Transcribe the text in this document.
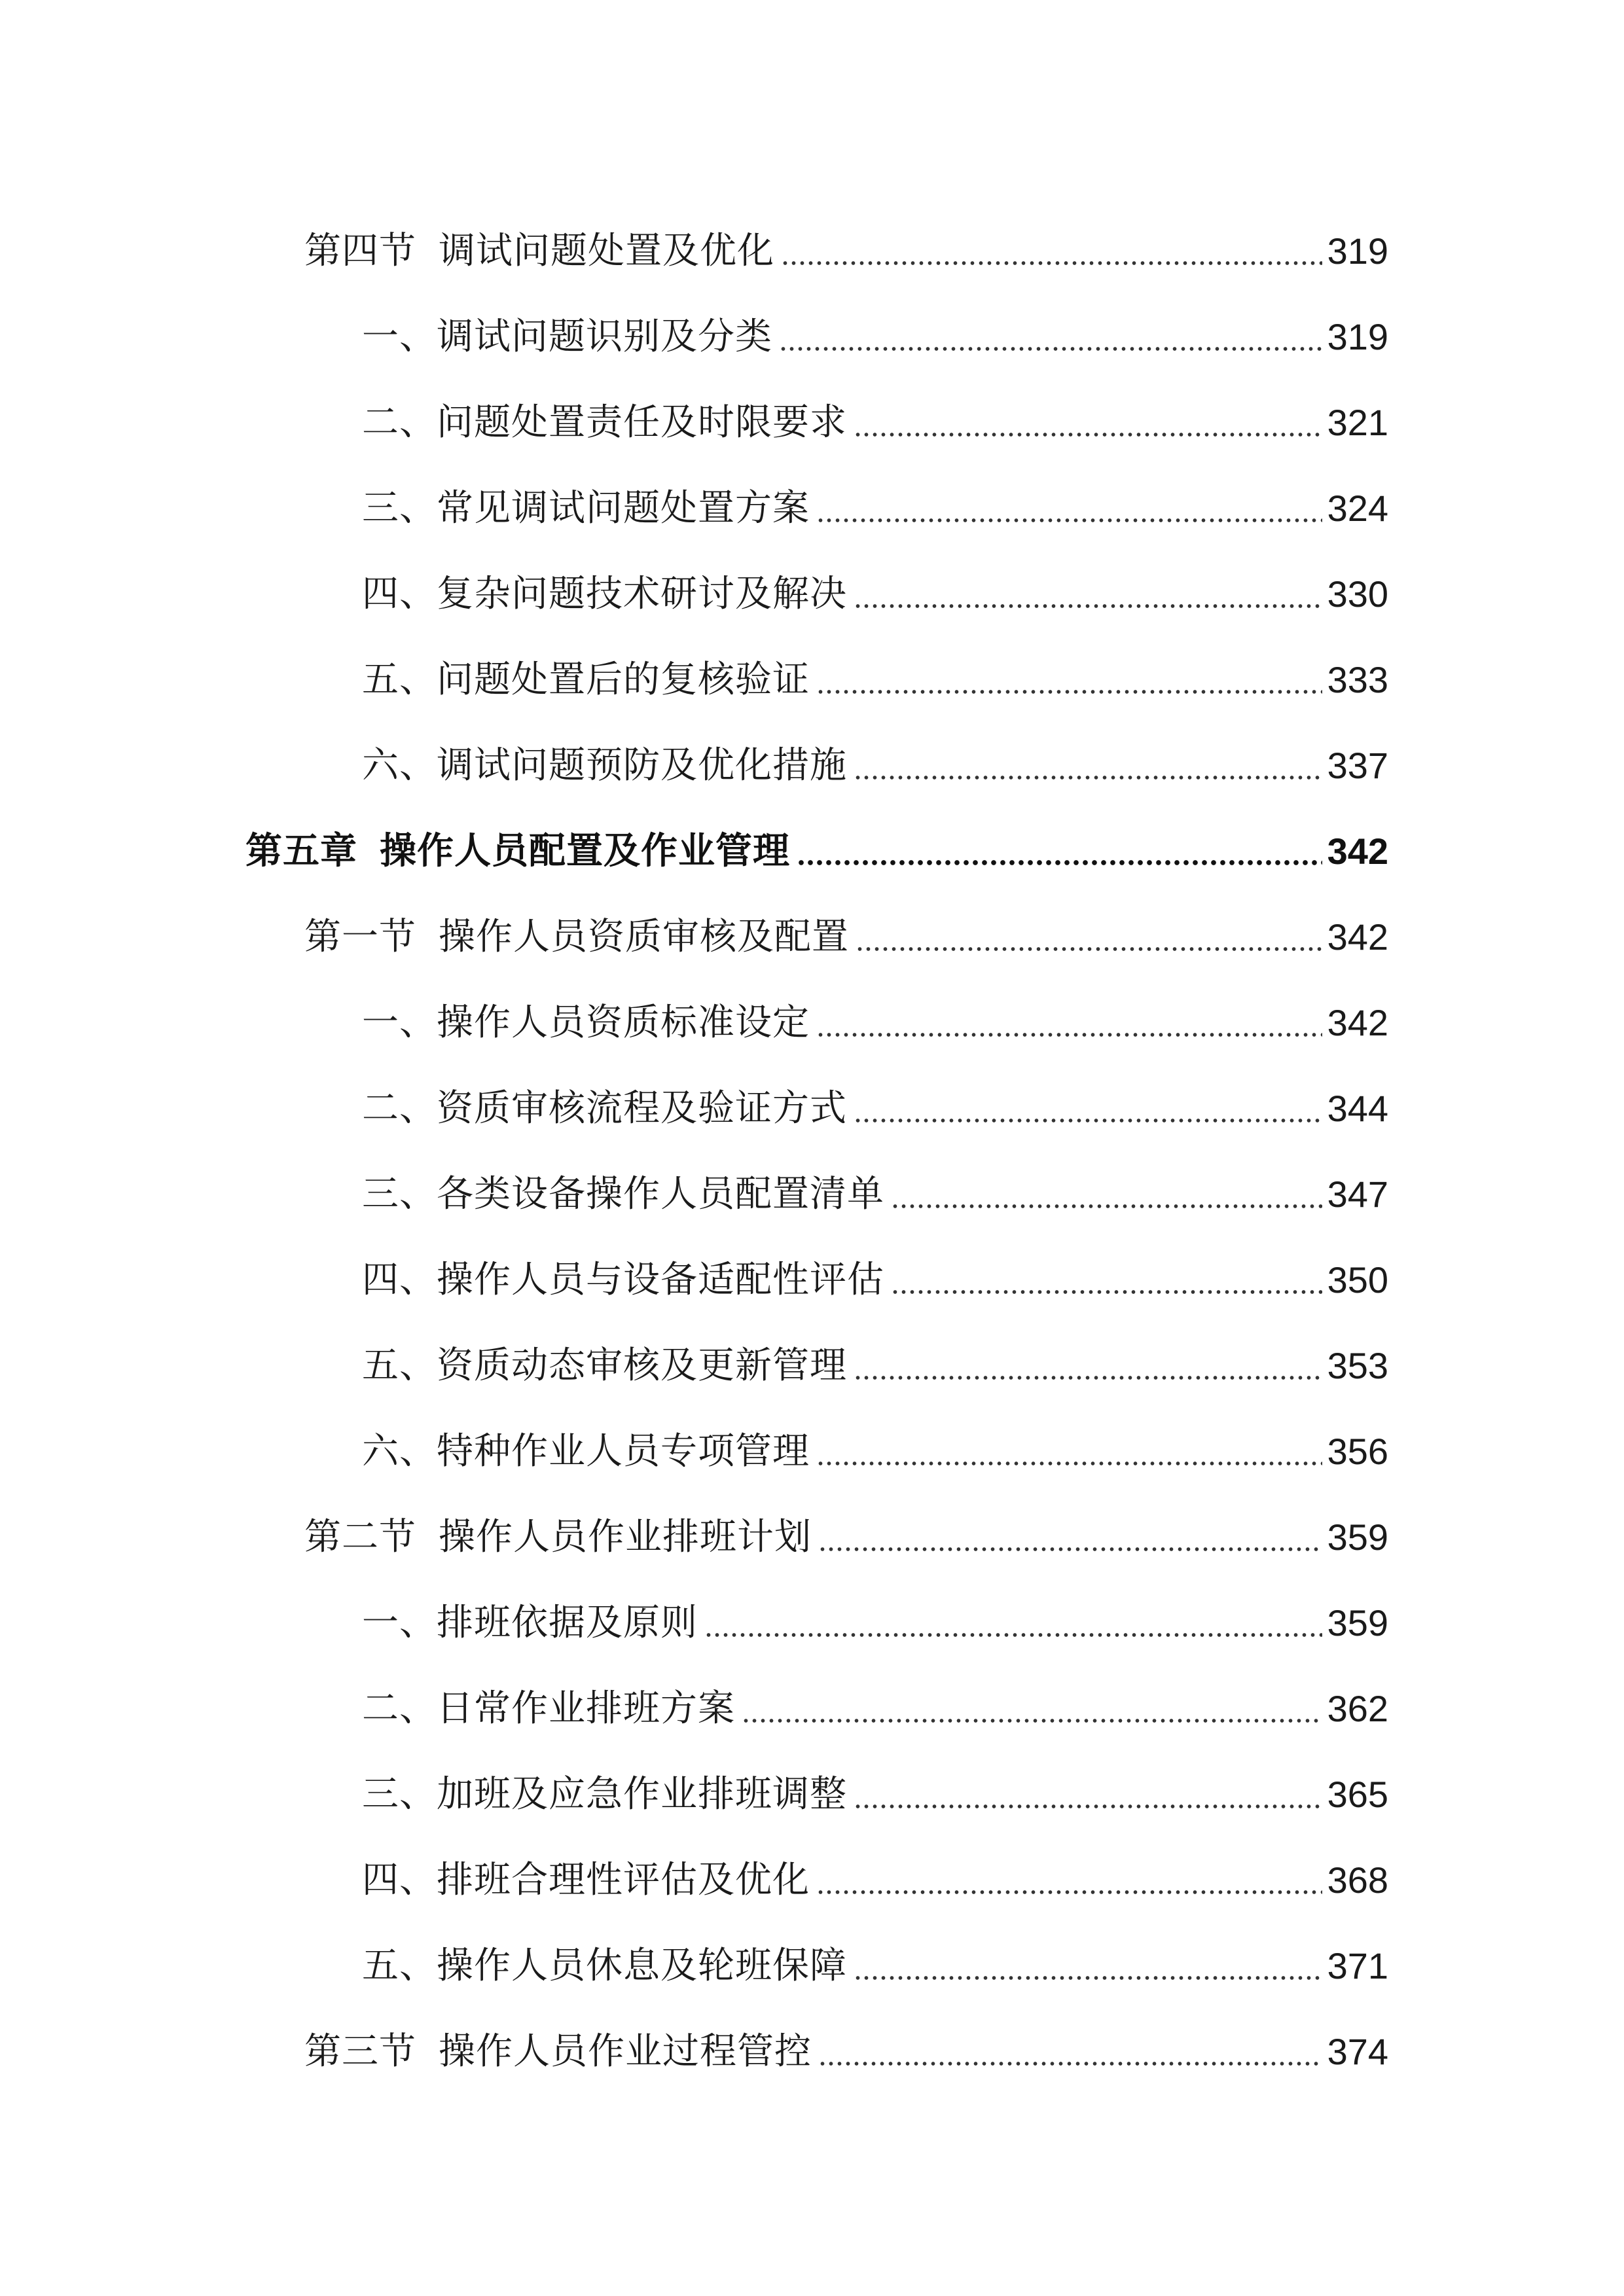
第四节 调试问题处置及优化	319
一、 调试问题识别及分类	319
二、 问题处置责任及时限要求	321
三、 常见调试问题处置方案	324
四、 复杂问题技术研讨及解决	330
五、 问题处置后的复核验证	333
六、 调试问题预防及优化措施	337
第五章 操作人员配置及作业管理	342
第一节 操作人员资质审核及配置	342
一、 操作人员资质标准设定	342
二、 资质审核流程及验证方式	344
三、 各类设备操作人员配置清单	347
四、 操作人员与设备适配性评估	350
五、 资质动态审核及更新管理	353
六、 特种作业人员专项管理	356
第二节 操作人员作业排班计划	359
一、 排班依据及原则	359
二、 日常作业排班方案	362
三、 加班及应急作业排班调整	365
四、 排班合理性评估及优化	368
五、 操作人员休息及轮班保障	371
第三节 操作人员作业过程管控	374
